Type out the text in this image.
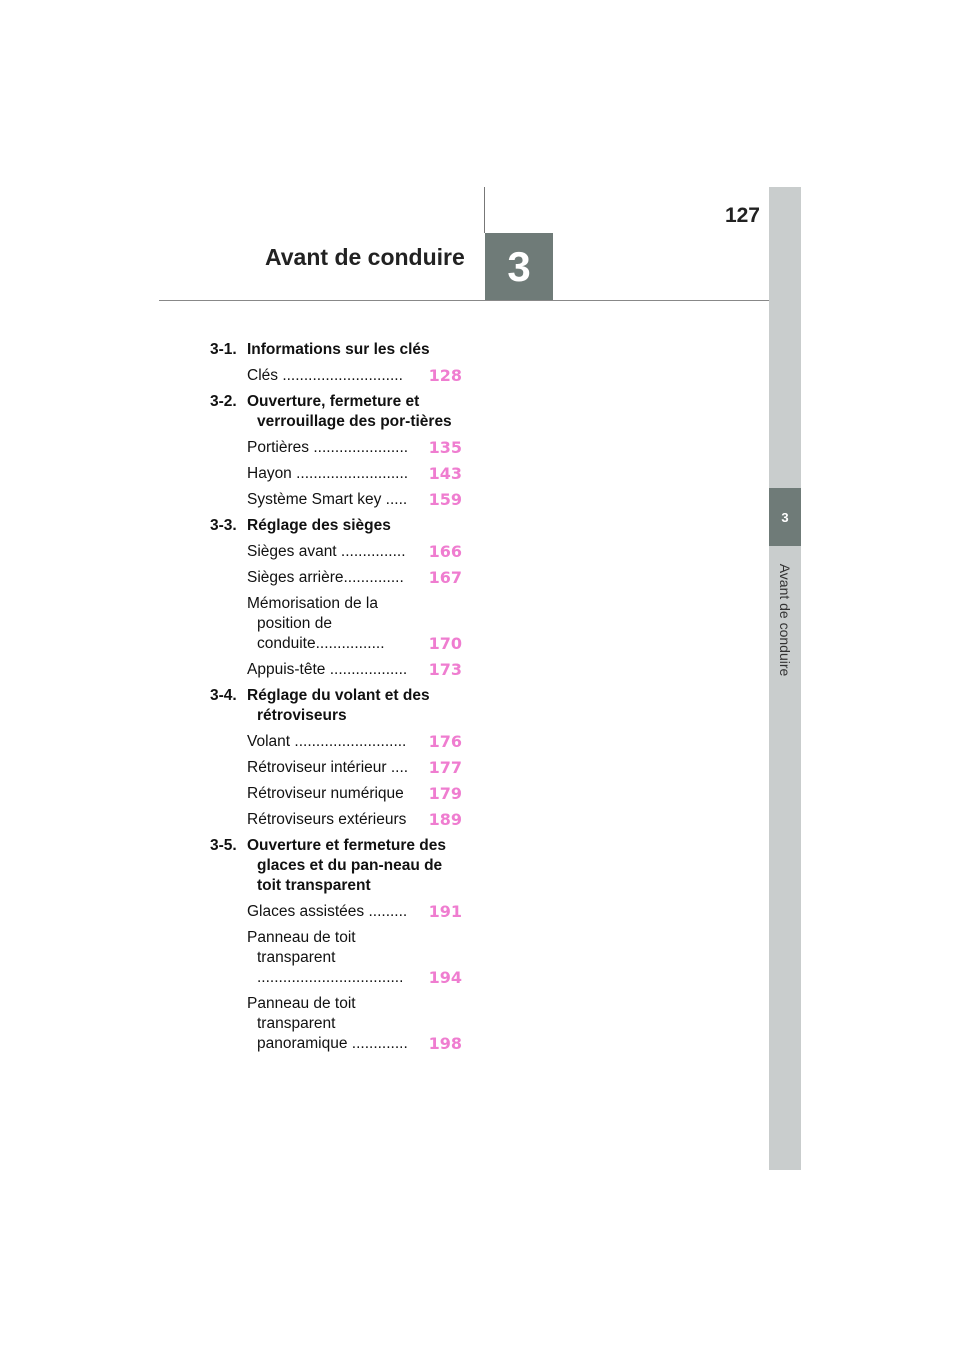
127
Avant de conduire	3
3
Avant de conduire
3-1. Informations sur les clés
Clés ............................	128
3-2. Ouverture, fermeture et verrouillage des por-tières
Portières ......................	135
Hayon ..........................	143
Système Smart key .....	159
3-3. Réglage des sièges
Sièges avant ...............	166
Sièges arrière..............	167
Mémorisation de la position de conduite................	170
Appuis-tête ..................	173
3-4. Réglage du volant et des rétroviseurs
Volant ..........................	176
Rétroviseur intérieur ....	177
Rétroviseur numérique	179
Rétroviseurs extérieurs	189
3-5. Ouverture et fermeture des glaces et du pan-neau de toit transparent
Glaces assistées .........	191
Panneau de toit transparent ..................................	194
Panneau de toit transparent panoramique .............	198
